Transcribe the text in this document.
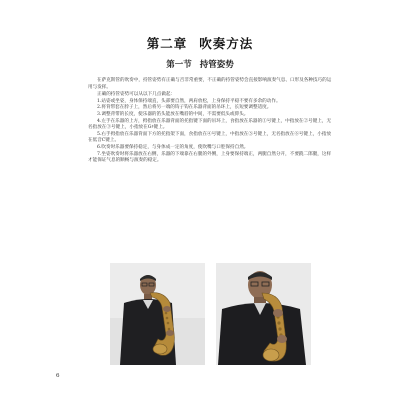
第二章 吹奏方法
第一节 持管姿势

在萨克斯管的吹奏中，持管姿势有正确与否非常重要，不正确的持管姿势会直接影响演奏气息、口形及各种技巧的运用与发挥。

正确的持管姿势可以从以下几点做起：

1.站姿或坐姿，身体保持端直，头部要自然，两肩放松，上身保持平稳不要有多余的动作。

2.将背带套在脖子上，然后将另一端的钩子钩在乐器背面的吊环上，长短要调整适度。

3.调整背带的长度，使乐器的笛头能放在嘴唇的中间，不需要低头或仰头。

4.左手在乐器的上方，拇指放在乐器背面的托指键下面的吊环上，食指放在乐器的①号键上，中指放在②号键上，无名指放在③号键上，小指放在G♯键上。

5.右手拇指放在乐器背面下方的托指架下面，食指放在④号键上，中指放在⑤号键上，无名指放在⑥号键上，小指放在低音C键上。

6.吹奏时乐器要保持稳定，与身体成一定的角度，使吹嘴与口腔保持自然。

7.坐姿吹奏时将乐器放在右侧，乐器的下端靠在右腿的外侧，上身要保持端正，两腿自然分开，不要跷二郎腿，这样才能保证气息的顺畅与演奏的稳定。

6
